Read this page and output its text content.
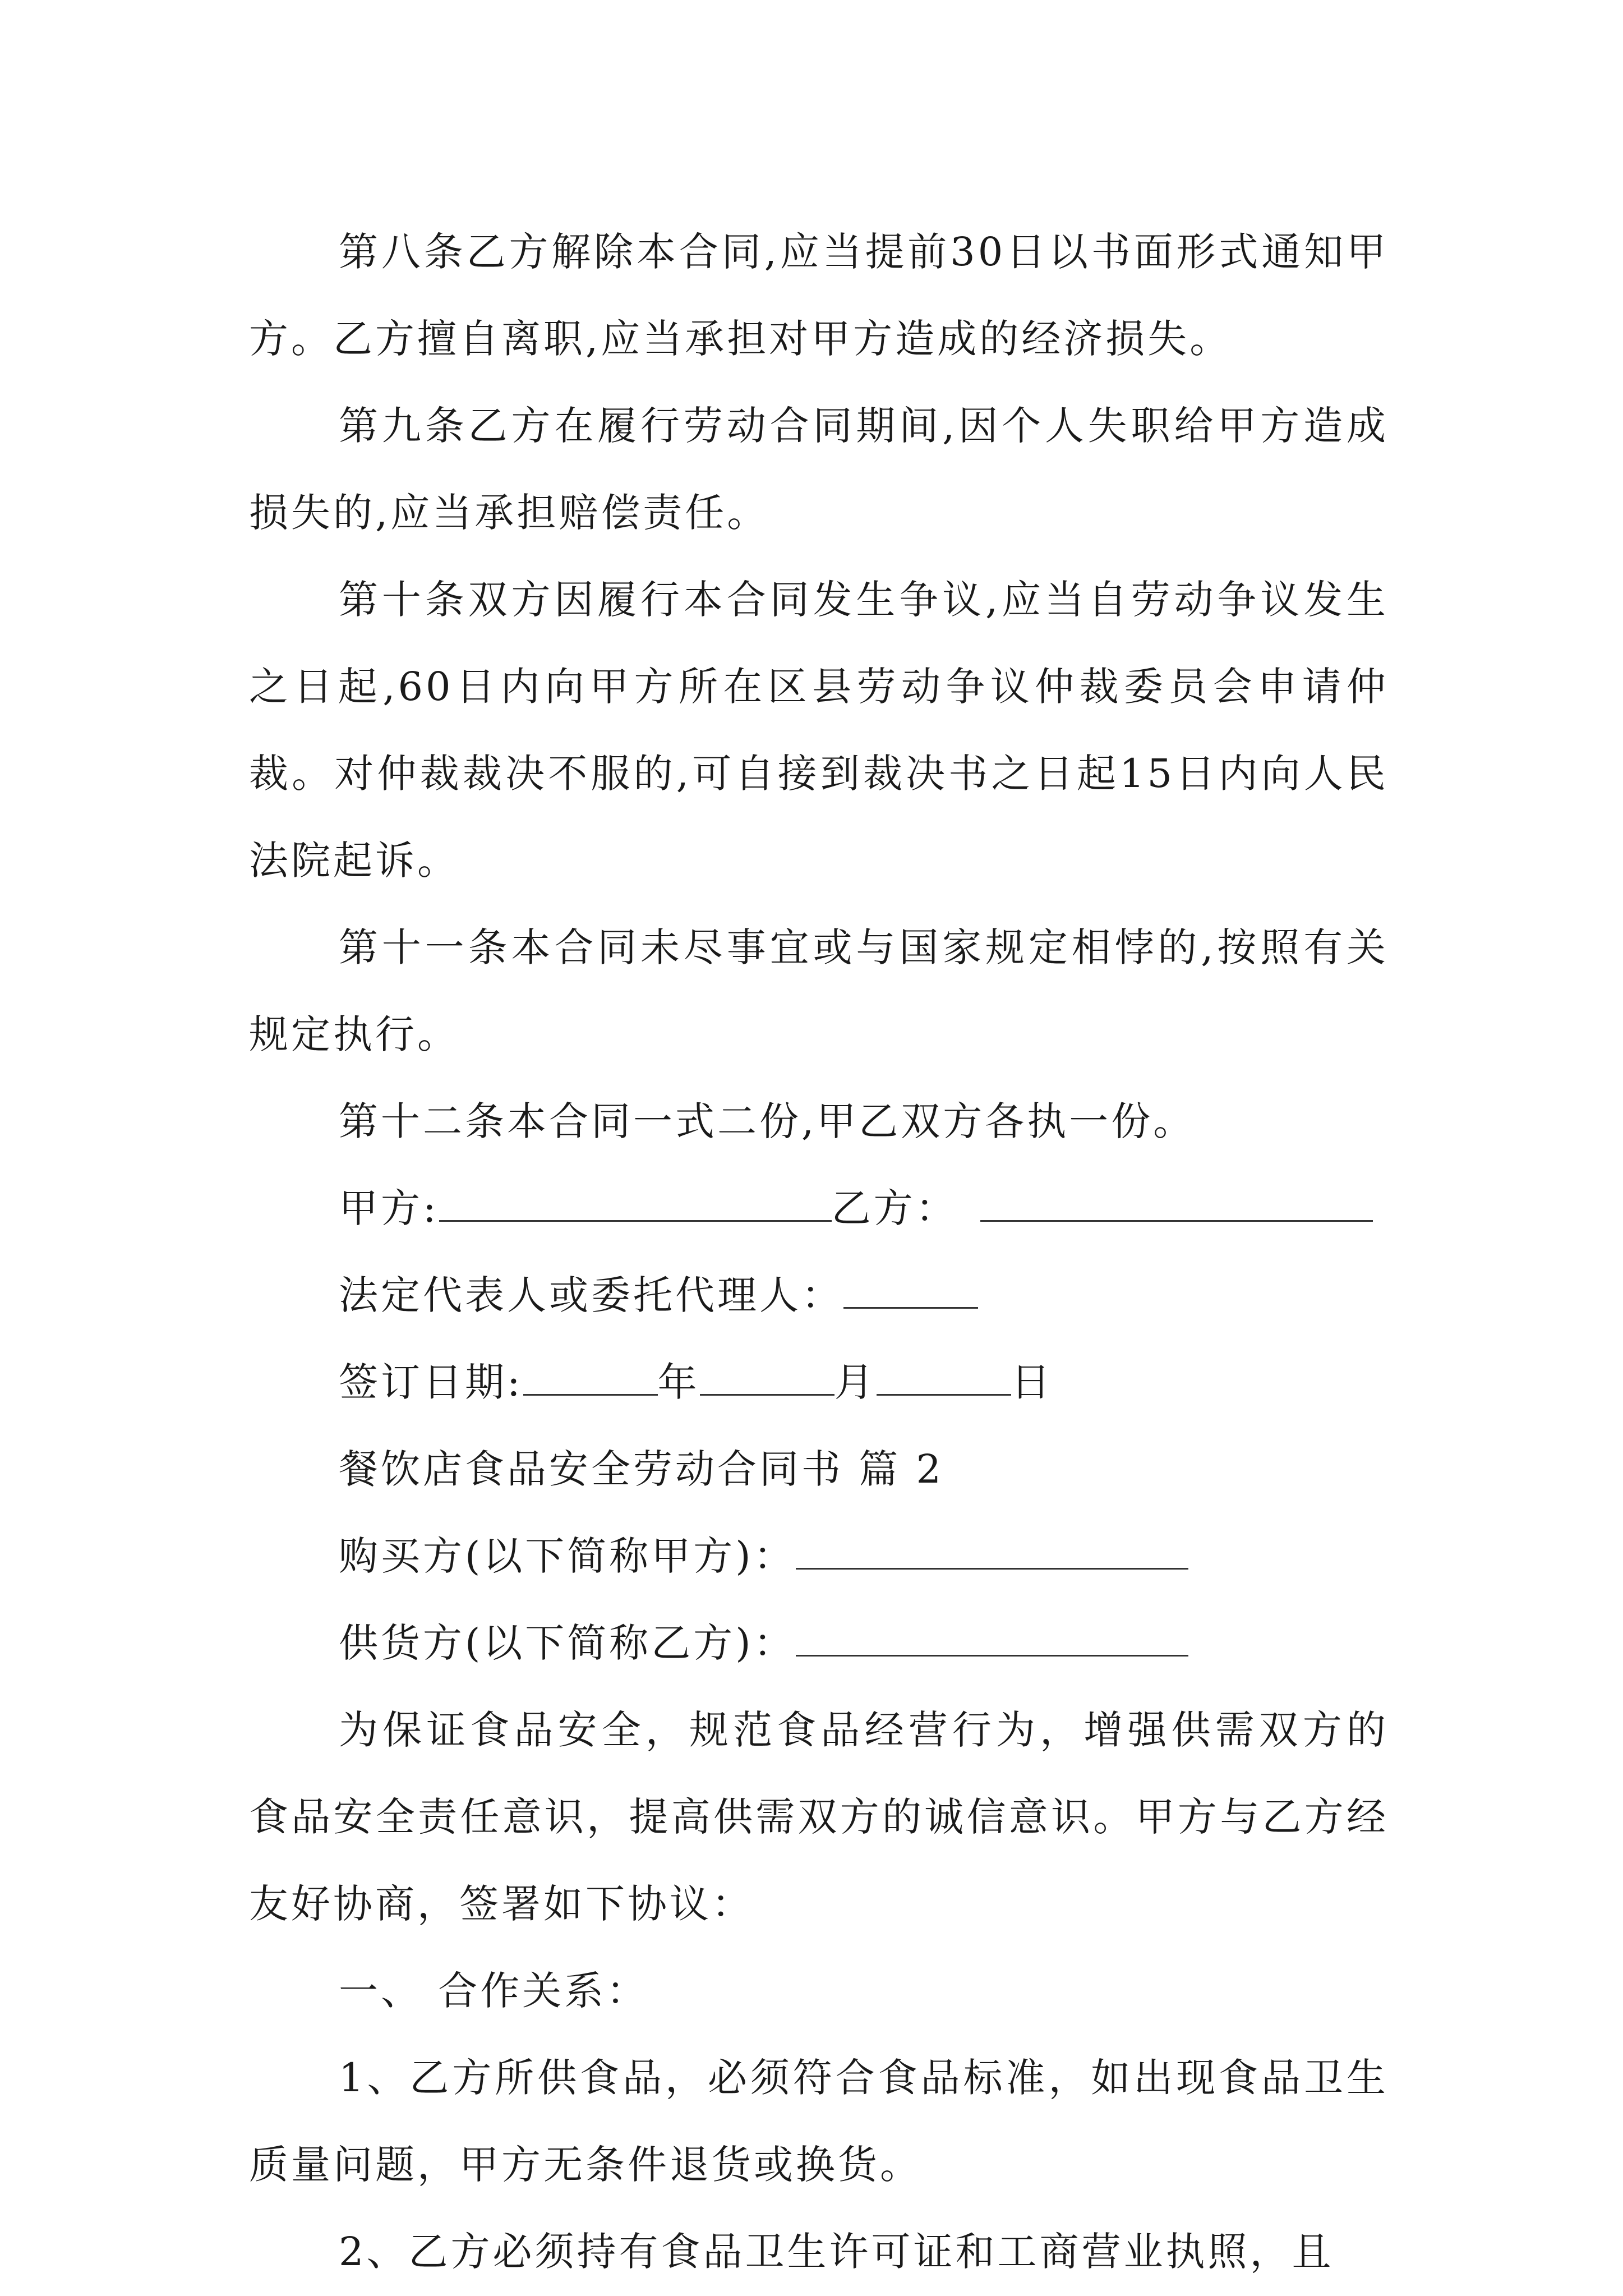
第八条乙方解除本合同,应当提前30日以书面形式通知甲方。乙方擅自离职,应当承担对甲方造成的经济损失。

第九条乙方在履行劳动合同期间,因个人失职给甲方造成损失的,应当承担赔偿责任。

第十条双方因履行本合同发生争议,应当自劳动争议发生之日起,60日内向甲方所在区县劳动争议仲裁委员会申请仲裁。对仲裁裁决不服的,可自接到裁决书之日起15日内向人民法院起诉。

第十一条本合同未尽事宜或与国家规定相悖的,按照有关规定执行。

第十二条本合同一式二份,甲乙双方各执一份。

甲方:	乙方：

法定代表人或委托代理人：

签订日期:	年	月	日

餐饮店食品安全劳动合同书 篇 2

购买方(以下简称甲方)：

供货方(以下简称乙方)：

为保证食品安全，规范食品经营行为，增强供需双方的食品安全责任意识，提高供需双方的诚信意识。甲方与乙方经友好协商，签署如下协议：

一、 合作关系：

1、乙方所供食品，必须符合食品标准，如出现食品卫生质量问题，甲方无条件退货或换货。

2、乙方必须持有食品卫生许可证和工商营业执照，且
